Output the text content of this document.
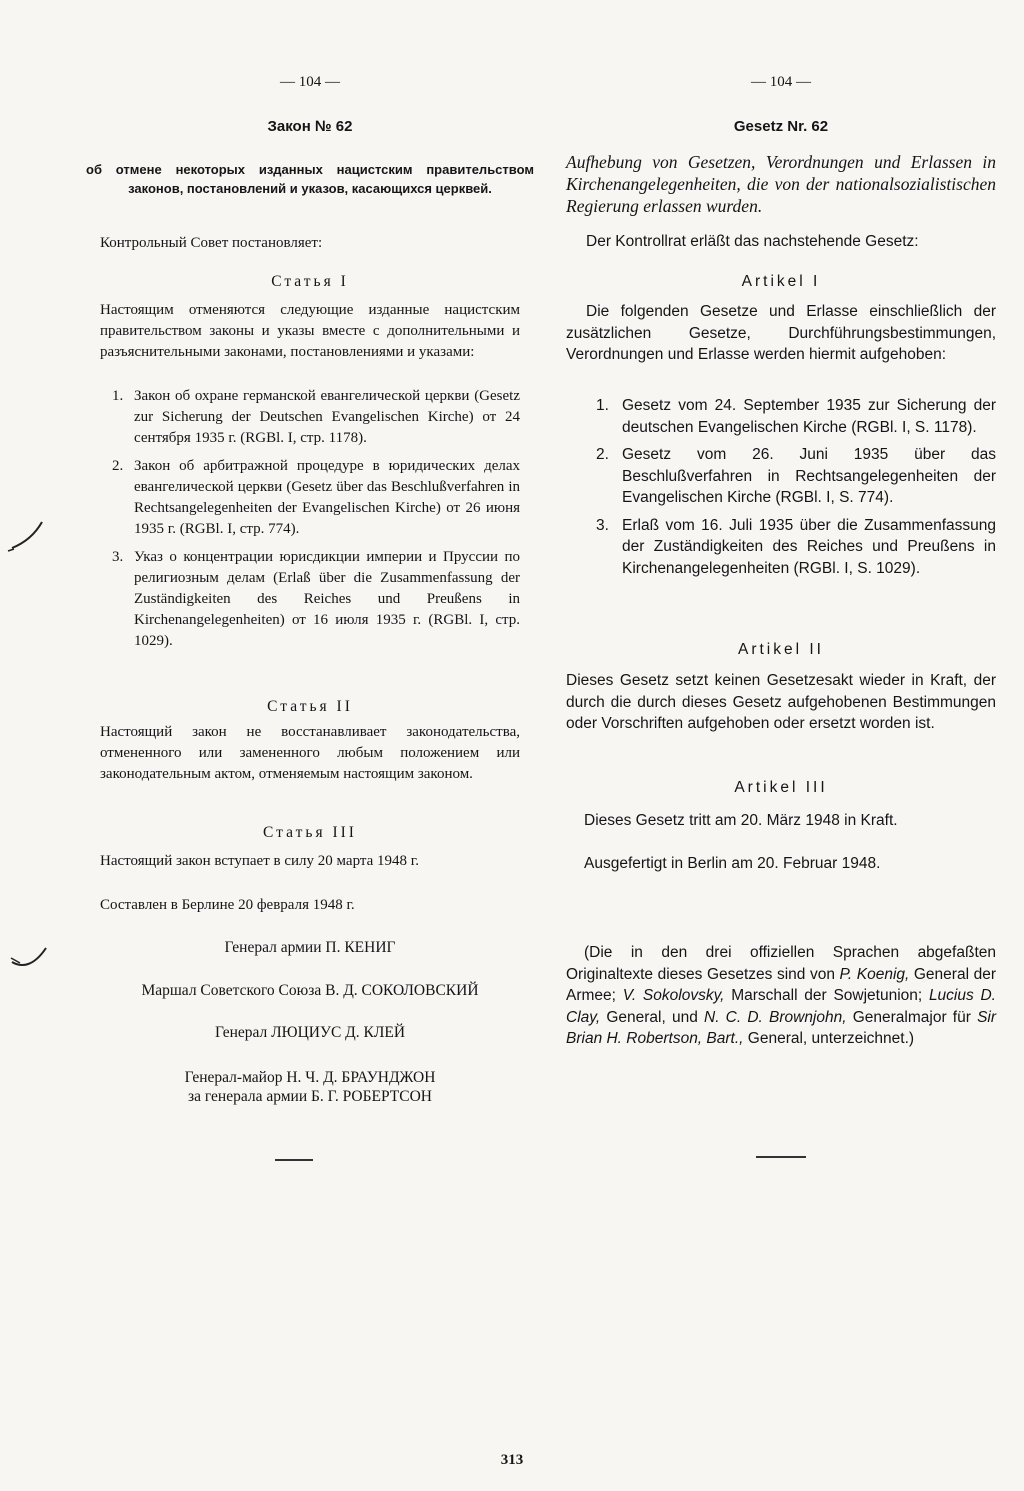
— 104 —
Закон № 62
об отмене некоторых изданных нацистским правительством законов, постановлений и указов, касающихся церквей.

Контрольный Совет постановляет:

Статья I

Настоящим отменяются следующие изданные нацистским правительством законы и указы вместе с дополнительными и разъяснительными законами, постановлениями и указами:

1. Закон об охране германской евангелической церкви (Gesetz zur Sicherung der Deutschen Evangelischen Kirche) от 24 сентября 1935 г. (RGBl. I, стр. 1178).
2. Закон об арбитражной процедуре в юридических делах евангелической церкви (Gesetz über das Beschlußverfahren in Rechtsangelegenheiten der Evangelischen Kirche) от 26 июня 1935 г. (RGBl. I, стр. 774).
3. Указ о концентрации юрисдикции империи и Пруссии по религиозным делам (Erlaß über die Zusammenfassung der Zuständigkeiten des Reiches und Preußens in Kirchenangelegenheiten) от 16 июля 1935 г. (RGBl. I, стр. 1029).
Статья II

Настоящий закон не восстанавливает законодательства, отмененного или замененного любым положением или законодательным актом, отменяемым настоящим законом.

Статья III

Настоящий закон вступает в силу 20 марта 1948 г.

Составлен в Берлине 20 февраля 1948 г.

Генерал армии П. КЕНИГ
Маршал Советского Союза В. Д. СОКОЛОВСКИЙ
Генерал ЛЮЦИУС Д. КЛЕЙ
Генерал-майор Н. Ч. Д. БРАУНДЖОН
за генерала армии Б. Г. РОБЕРТСОН
— 104 —
Gesetz Nr. 62
Aufhebung von Gesetzen, Verordnungen und Erlassen in Kirchenangelegenheiten, die von der nationalsozialistischen Regierung erlassen wurden.

Der Kontrollrat erläßt das nachstehende Gesetz:

Artikel I

Die folgenden Gesetze und Erlasse einschließlich der zusätzlichen Gesetze, Durchführungsbestimmungen, Verordnungen und Erlasse werden hiermit aufgehoben:

1. Gesetz vom 24. September 1935 zur Sicherung der deutschen Evangelischen Kirche (RGBl. I, S. 1178).
2. Gesetz vom 26. Juni 1935 über das Beschlußverfahren in Rechtsangelegenheiten der Evangelischen Kirche (RGBl. I, S. 774).
3. Erlaß vom 16. Juli 1935 über die Zusammenfassung der Zuständigkeiten des Reiches und Preußens in Kirchenangelegenheiten (RGBl. I, S. 1029).
Artikel II

Dieses Gesetz setzt keinen Gesetzesakt wieder in Kraft, der durch die durch dieses Gesetz aufgehobenen Bestimmungen oder Vorschriften aufgehoben oder ersetzt worden ist.

Artikel III

Dieses Gesetz tritt am 20. März 1948 in Kraft.

Ausgefertigt in Berlin am 20. Februar 1948.

(Die in den drei offiziellen Sprachen abgefaßten Originaltexte dieses Gesetzes sind von P. Koenig, General der Armee; V. Sokolovsky, Marschall der Sowjetunion; Lucius D. Clay, General, und N. C. D. Brownjohn, Generalmajor für Sir Brian H. Robertson, Bart., General, unterzeichnet.)

313
